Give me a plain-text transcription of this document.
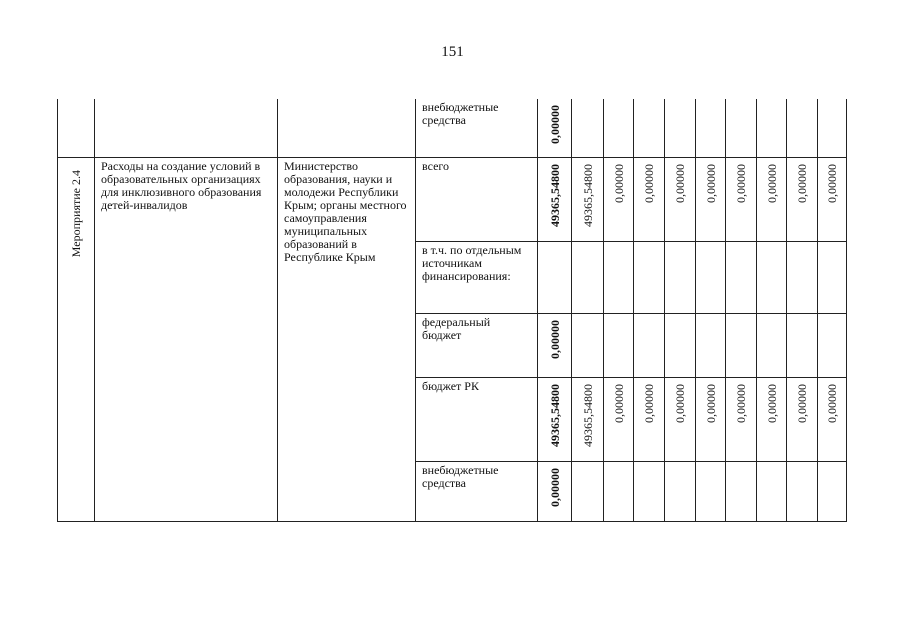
151

			внебюджетные средства	0,00000									

Мероприятие 2.4	Расходы на создание условий в образовательных организациях для инклюзивного образования детей-инвалидов	Министерство образования, науки и молодежи Республики Крым; органы местного самоуправления муниципальных образований в Республике Крым	всего	49365,54800	49365,54800	0,00000	0,00000	0,00000	0,00000	0,00000	0,00000	0,00000	0,00000

			в т.ч. по отдельным источникам финансирования:										

			федеральный бюджет	0,00000									

			бюджет РК	49365,54800	49365,54800	0,00000	0,00000	0,00000	0,00000	0,00000	0,00000	0,00000	0,00000

			внебюджетные средства	0,00000									
